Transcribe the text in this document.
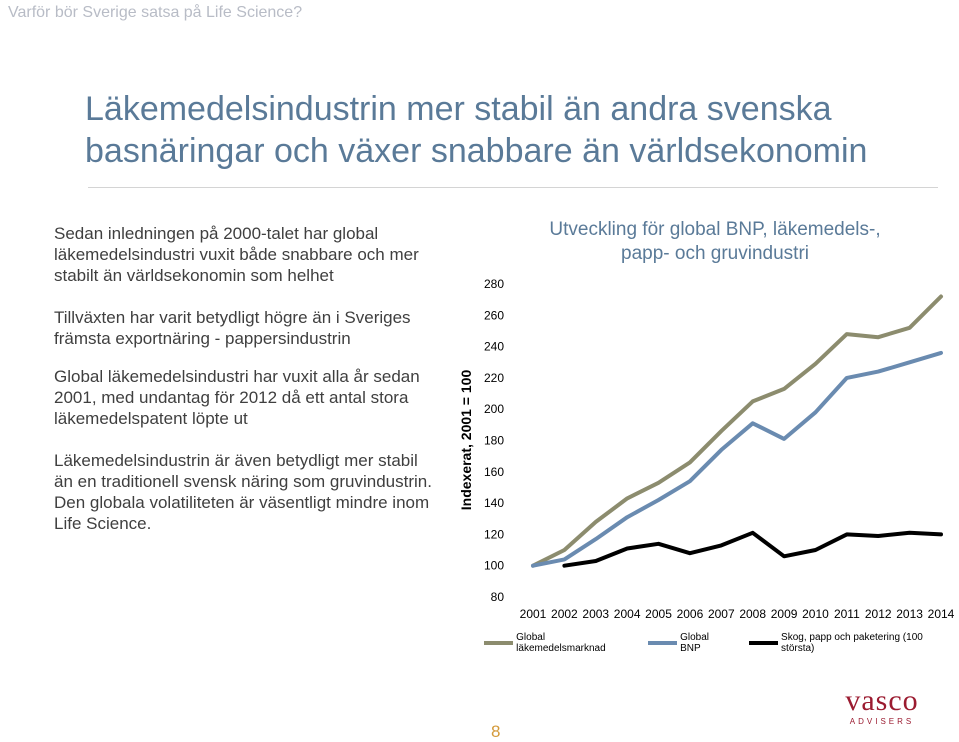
Varför bör Sverige satsa på Life Science?
Läkemedelsindustrin mer stabil än andra svenska
basnäringar och växer snabbare än världsekonomin
Sedan inledningen på 2000-talet har global läkemedelsindustri vuxit både snabbare och mer stabilt än världsekonomin som helhet
Tillväxten har varit betydligt högre än i Sveriges främsta exportnäring - pappersindustrin
Global läkemedelsindustri har vuxit alla år sedan 2001, med undantag för 2012 då ett antal stora läkemedelspatent löpte ut
Läkemedelsindustrin är även betydligt mer stabil än en traditionell svensk näring som gruvindustrin. Den globala volatiliteten är väsentligt mindre inom Life Science.
Utveckling för global BNP, läkemedels-,
papp- och gruvindustri
Indexerat, 2001 = 100
80
100
120
140
160
180
200
220
240
260
280
2001 2002 2003 2004 2005 2006 2007 2008 2009 2010 2011 2012 2013 2014
Global läkemedelsmarknad
Global BNP
Skog, papp och paketering (100 största)
vasco
ADVISERS
8
